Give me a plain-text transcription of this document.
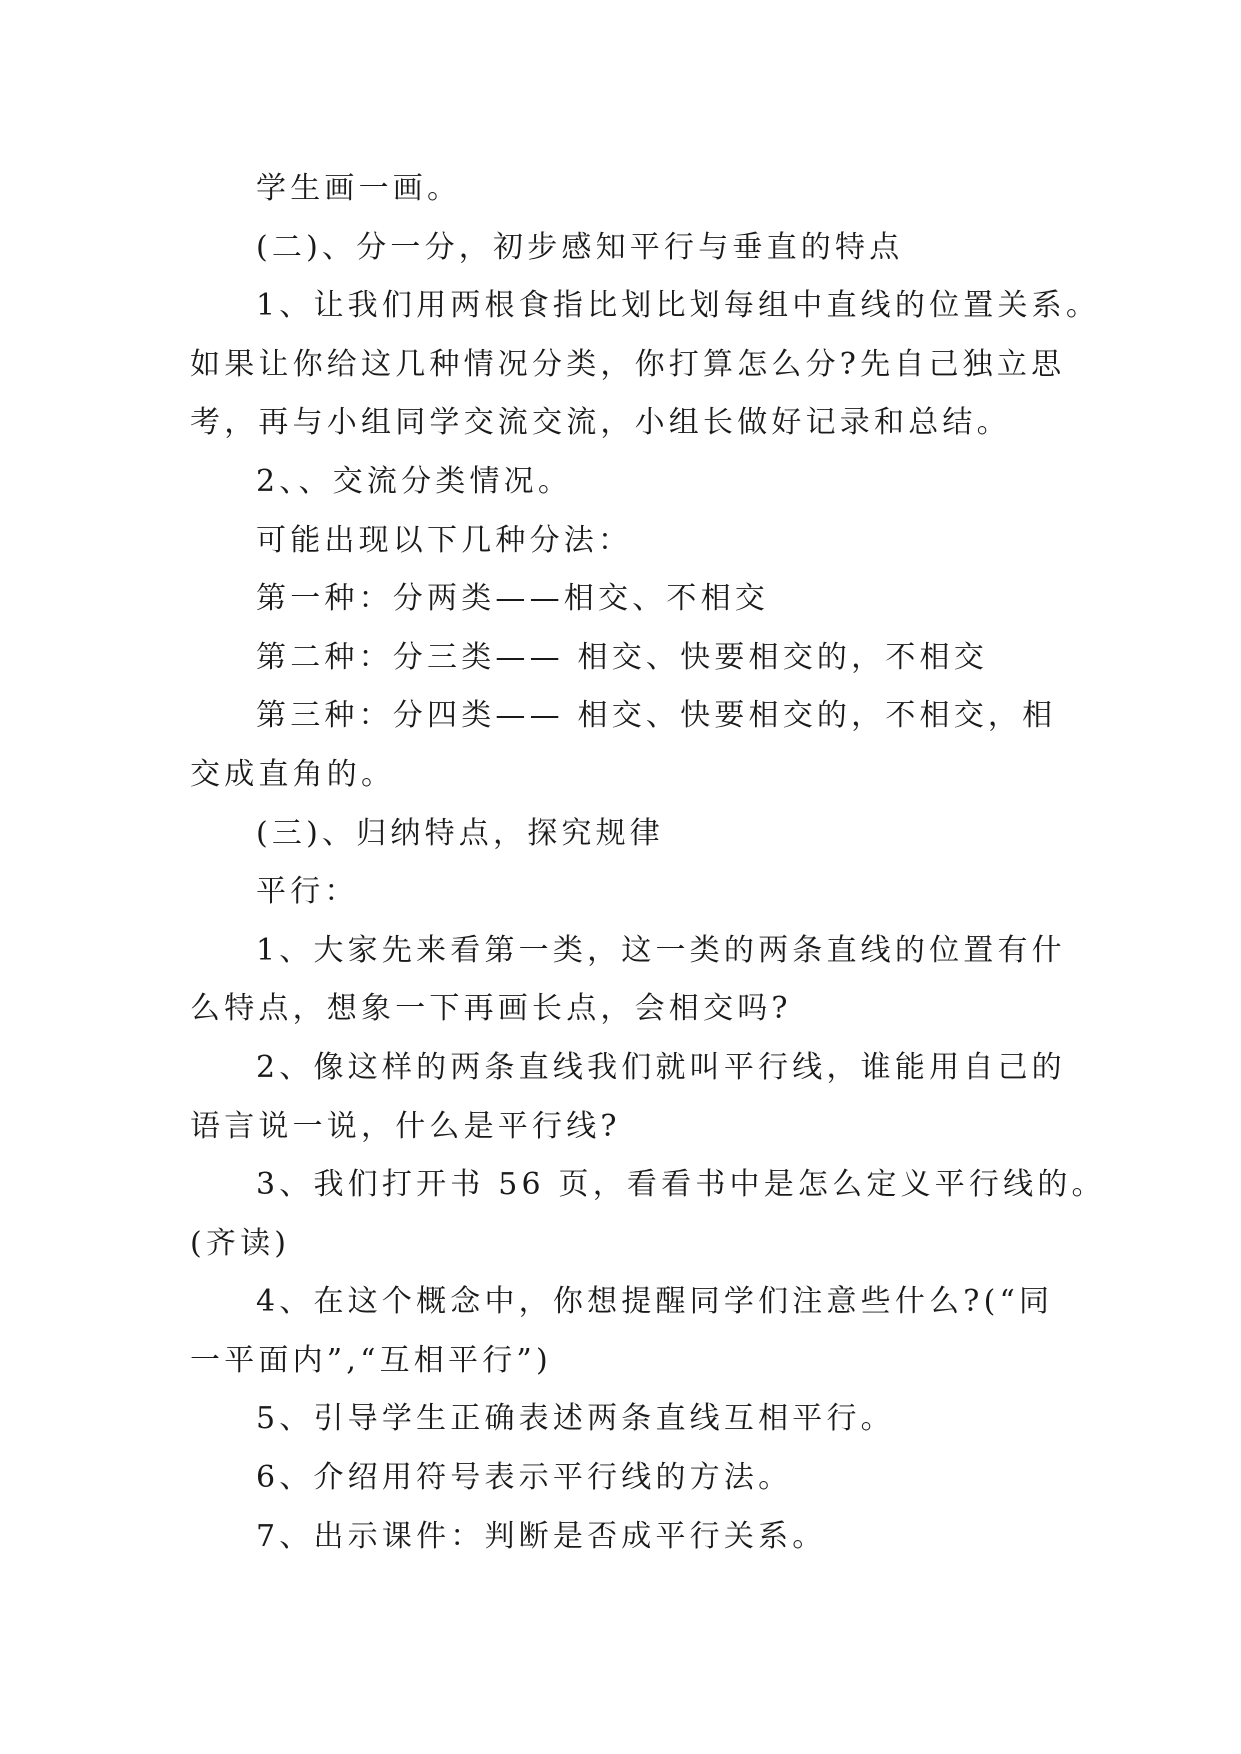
学生画一画。
(二)、分一分，初步感知平行与垂直的特点
1、让我们用两根食指比划比划每组中直线的位置关系。
如果让你给这几种情况分类，你打算怎么分?先自己独立思
考，再与小组同学交流交流，小组长做好记录和总结。
2、、交流分类情况。
可能出现以下几种分法：
第一种：分两类——相交、不相交
第二种：分三类—— 相交、快要相交的，不相交
第三种：分四类—— 相交、快要相交的，不相交，相
交成直角的。
(三)、归纳特点，探究规律
平行：
1、大家先来看第一类，这一类的两条直线的位置有什
么特点，想象一下再画长点，会相交吗?
2、像这样的两条直线我们就叫平行线，谁能用自己的
语言说一说，什么是平行线?
3、我们打开书 56 页，看看书中是怎么定义平行线的。
(齐读)
4、在这个概念中，你想提醒同学们注意些什么?(“同
一平面内”,“互相平行”)
5、引导学生正确表述两条直线互相平行。
6、介绍用符号表示平行线的方法。
7、出示课件：判断是否成平行关系。
